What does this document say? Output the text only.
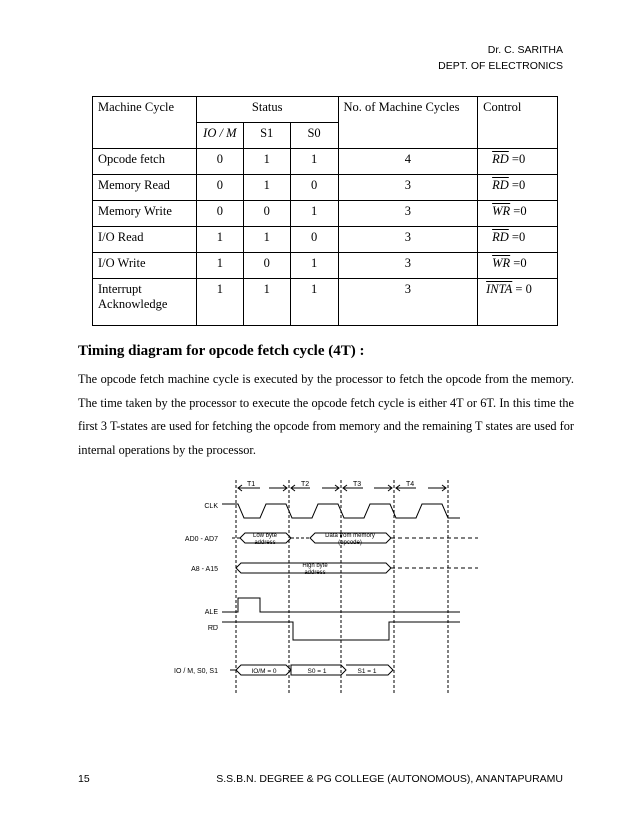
Dr. C. SARITHA
DEPT. OF ELECTRONICS
Machine Cycle	Status			No. of Machine Cycles	Control
	IO / M	S1	S0		
Opcode fetch	0	1	1	4	$\overline{RD} =0$
Memory Read	0	1	0	3	$\overline{RD} =0$
Memory Write	0	0	1	3	$\overline{WR} =0$
I/O Read	1	1	0	3	$\overline{RD} =0$
I/O Write	1	0	1	3	$\overline{WR} =0$
Interrupt Acknowledge	1	1	1	3	INTA = 0
Timing diagram for opcode fetch cycle (4T) :
The opcode fetch machine cycle is executed by the processor to fetch the opcode from the memory. The time taken by the processor to execute the opcode fetch cycle is either 4T or 6T. In this time the first 3 T-states are used for fetching the opcode from memory and the remaining T states are used for internal operations by the processor.
T1	T2	T3	T4
CLK
AD0 - AD7
A8 - A15
ALE
RD
IO / M, S0, S1
Low byte
address
Data from memory
(opcode)
High byte
address
IO/M = 0	S0 = 1	S1 = 1
15	S.S.B.N. DEGREE & PG COLLEGE (AUTONOMOUS), ANANTAPURAMU
